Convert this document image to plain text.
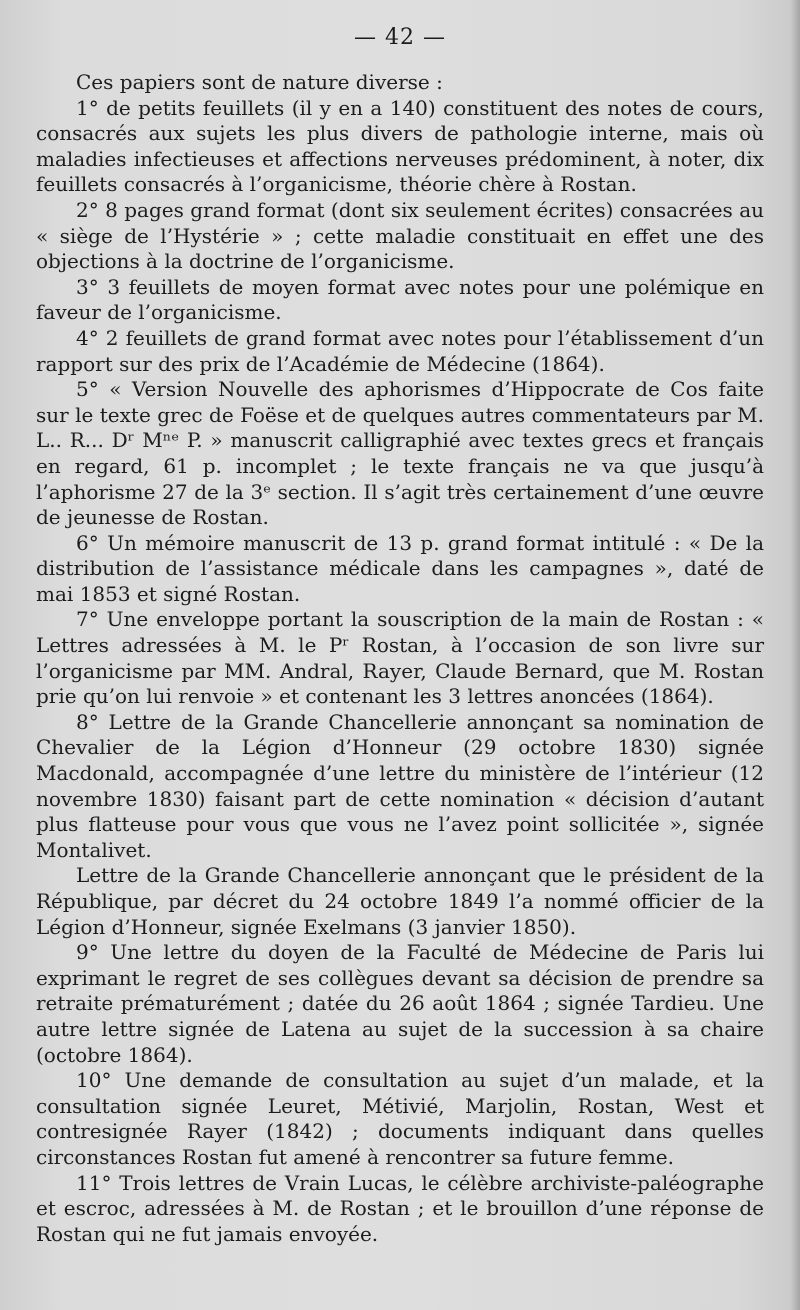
— 42 —

Ces papiers sont de nature diverse :

1° de petits feuillets (il y en a 140) constituent des notes de cours, consacrés aux sujets les plus divers de pathologie interne, mais où maladies infectieuses et affections nerveuses prédominent, à noter, dix feuillets consacrés à l’organicisme, théorie chère à Rostan.

2° 8 pages grand format (dont six seulement écrites) consacrées au « siège de l’Hystérie » ; cette maladie constituait en effet une des objections à la doctrine de l’organicisme.

3° 3 feuillets de moyen format avec notes pour une polémique en faveur de l’organicisme.

4° 2 feuillets de grand format avec notes pour l’établissement d’un rapport sur des prix de l’Académie de Médecine (1864).

5° « Version Nouvelle des aphorismes d’Hippocrate de Cos faite sur le texte grec de Foëse et de quelques autres commentateurs par M. L.. R... Dʳ Mⁿᵉ P. » manuscrit calligraphié avec textes grecs et français en regard, 61 p. incomplet ; le texte français ne va que jusqu’à l’aphorisme 27 de la 3ᵉ section. Il s’agit très certainement d’une œuvre de jeunesse de Rostan.

6° Un mémoire manuscrit de 13 p. grand format intitulé : « De la distribution de l’assistance médicale dans les campagnes », daté de mai 1853 et signé Rostan.

7° Une enveloppe portant la souscription de la main de Rostan : « Lettres adressées à M. le Pʳ Rostan, à l’occasion de son livre sur l’organicisme par MM. Andral, Rayer, Claude Bernard, que M. Rostan prie qu’on lui renvoie » et contenant les 3 lettres anoncées (1864).

8° Lettre de la Grande Chancellerie annonçant sa nomination de Chevalier de la Légion d’Honneur (29 octobre 1830) signée Macdonald, accompagnée d’une lettre du ministère de l’intérieur (12 novembre 1830) faisant part de cette nomination « décision d’autant plus flatteuse pour vous que vous ne l’avez point sollicitée », signée Montalivet.

Lettre de la Grande Chancellerie annonçant que le président de la République, par décret du 24 octobre 1849 l’a nommé officier de la Légion d’Honneur, signée Exelmans (3 janvier 1850).

9° Une lettre du doyen de la Faculté de Médecine de Paris lui exprimant le regret de ses collègues devant sa décision de prendre sa retraite prématurément ; datée du 26 août 1864 ; signée Tardieu. Une autre lettre signée de Latena au sujet de la succession à sa chaire (octobre 1864).

10° Une demande de consultation au sujet d’un malade, et la consultation signée Leuret, Métivié, Marjolin, Rostan, West et contresignée Rayer (1842) ; documents indiquant dans quelles circonstances Rostan fut amené à rencontrer sa future femme.

11° Trois lettres de Vrain Lucas, le célèbre archiviste-paléographe et escroc, adressées à M. de Rostan ; et le brouillon d’une réponse de Rostan qui ne fut jamais envoyée.
